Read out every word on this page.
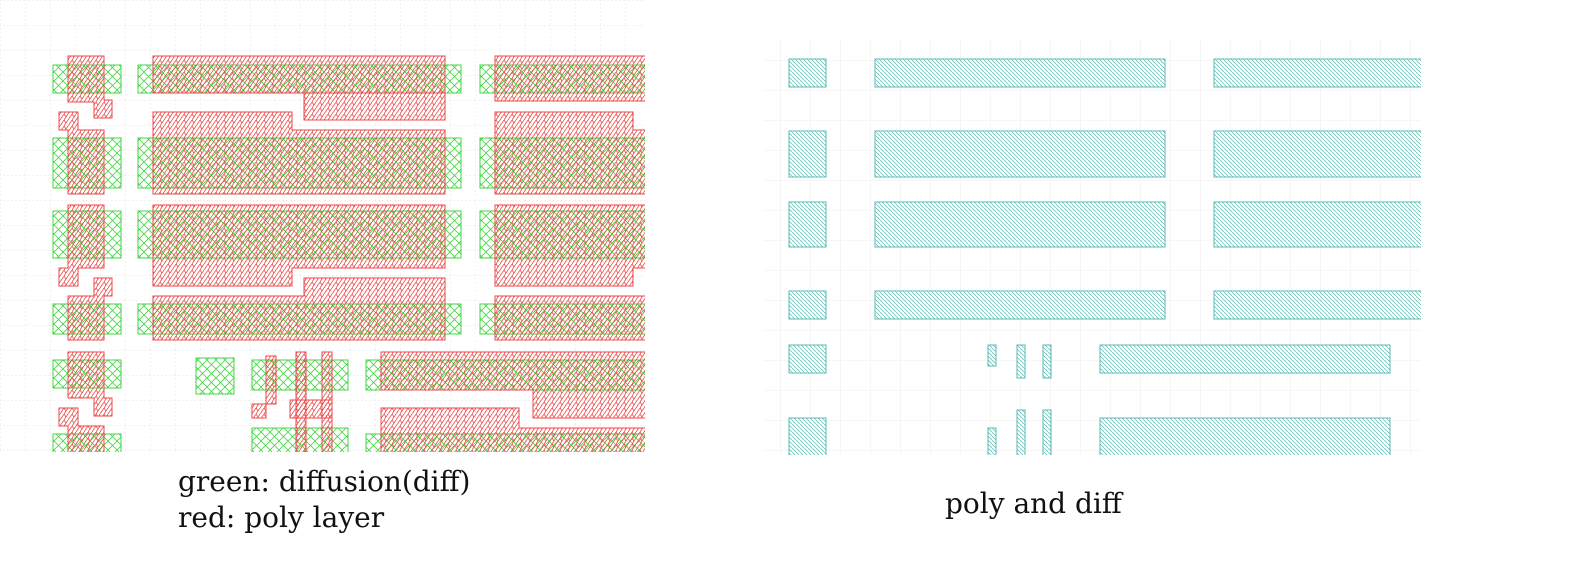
green: diffusion(diff)
red: poly layer	poly and diff
